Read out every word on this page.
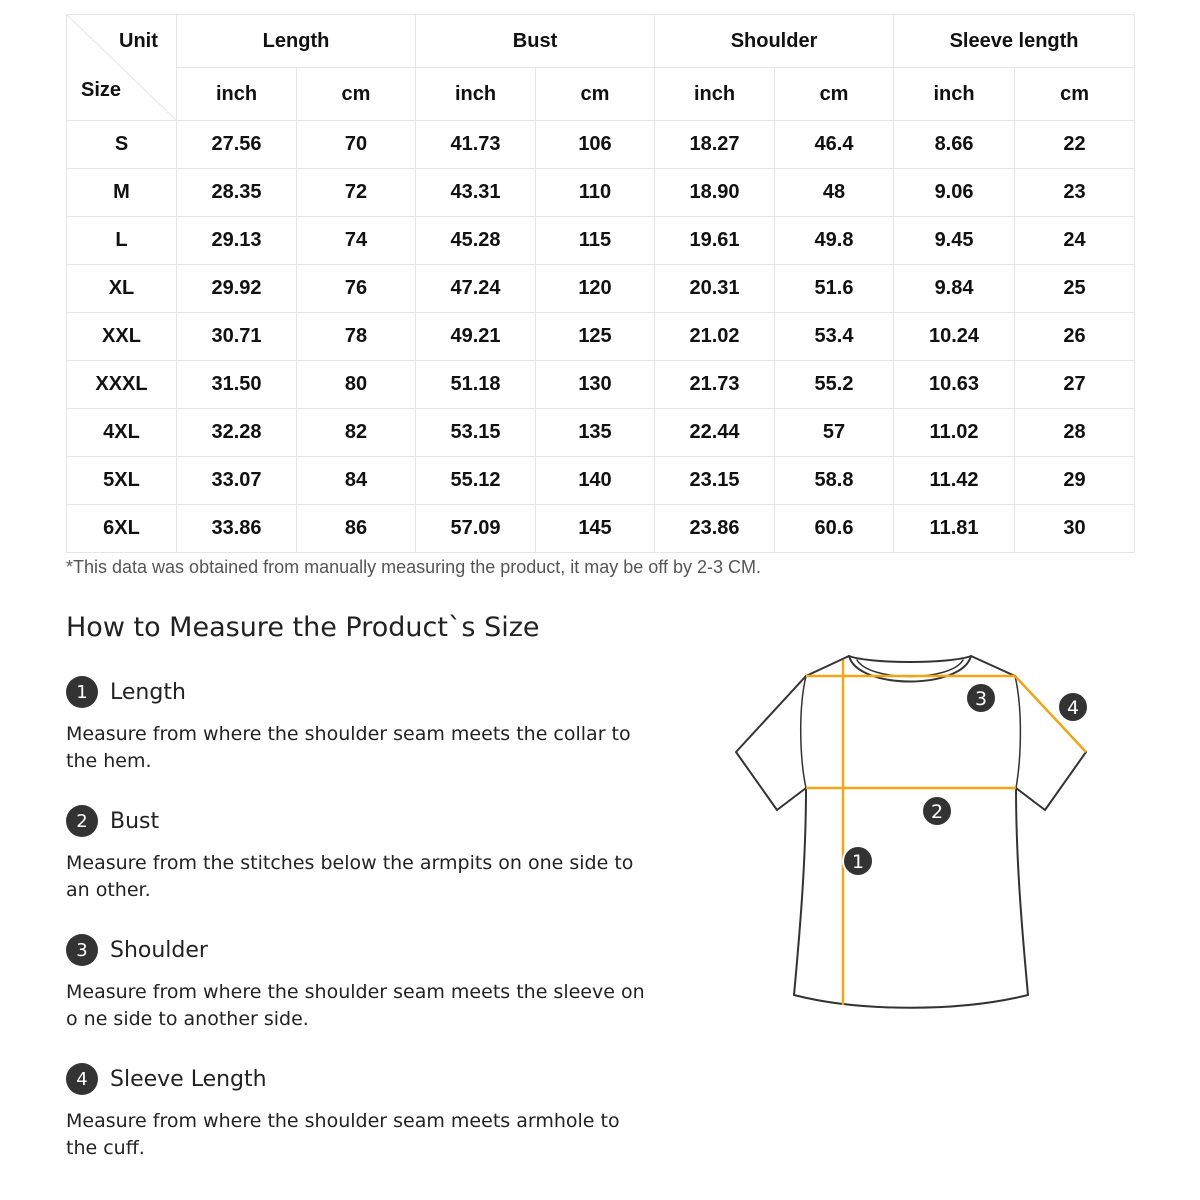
Unit
Size	Length		Bust		Shoulder		Sleeve length	
	inch	cm	inch	cm	inch	cm	inch	cm
S	27.56	70	41.73	106	18.27	46.4	8.66	22
M	28.35	72	43.31	110	18.90	48	9.06	23
L	29.13	74	45.28	115	19.61	49.8	9.45	24
XL	29.92	76	47.24	120	20.31	51.6	9.84	25
XXL	30.71	78	49.21	125	21.02	53.4	10.24	26
XXXL	31.50	80	51.18	130	21.73	55.2	10.63	27
4XL	32.28	82	53.15	135	22.44	57	11.02	28
5XL	33.07	84	55.12	140	23.15	58.8	11.42	29
6XL	33.86	86	57.09	145	23.86	60.6	11.81	30
*This data was obtained from manually measuring the product, it may be off by 2-3 CM.
How to Measure the Product`s Size
1	Length
Measure from where the shoulder seam meets the collar to the hem.
2	Bust
Measure from the stitches below the armpits on one side to an other.
3	Shoulder
Measure from where the shoulder seam meets the sleeve on o ne side to another side.
4	Sleeve Length
Measure from where the shoulder seam meets armhole to the cuff.
1
2
3	4
